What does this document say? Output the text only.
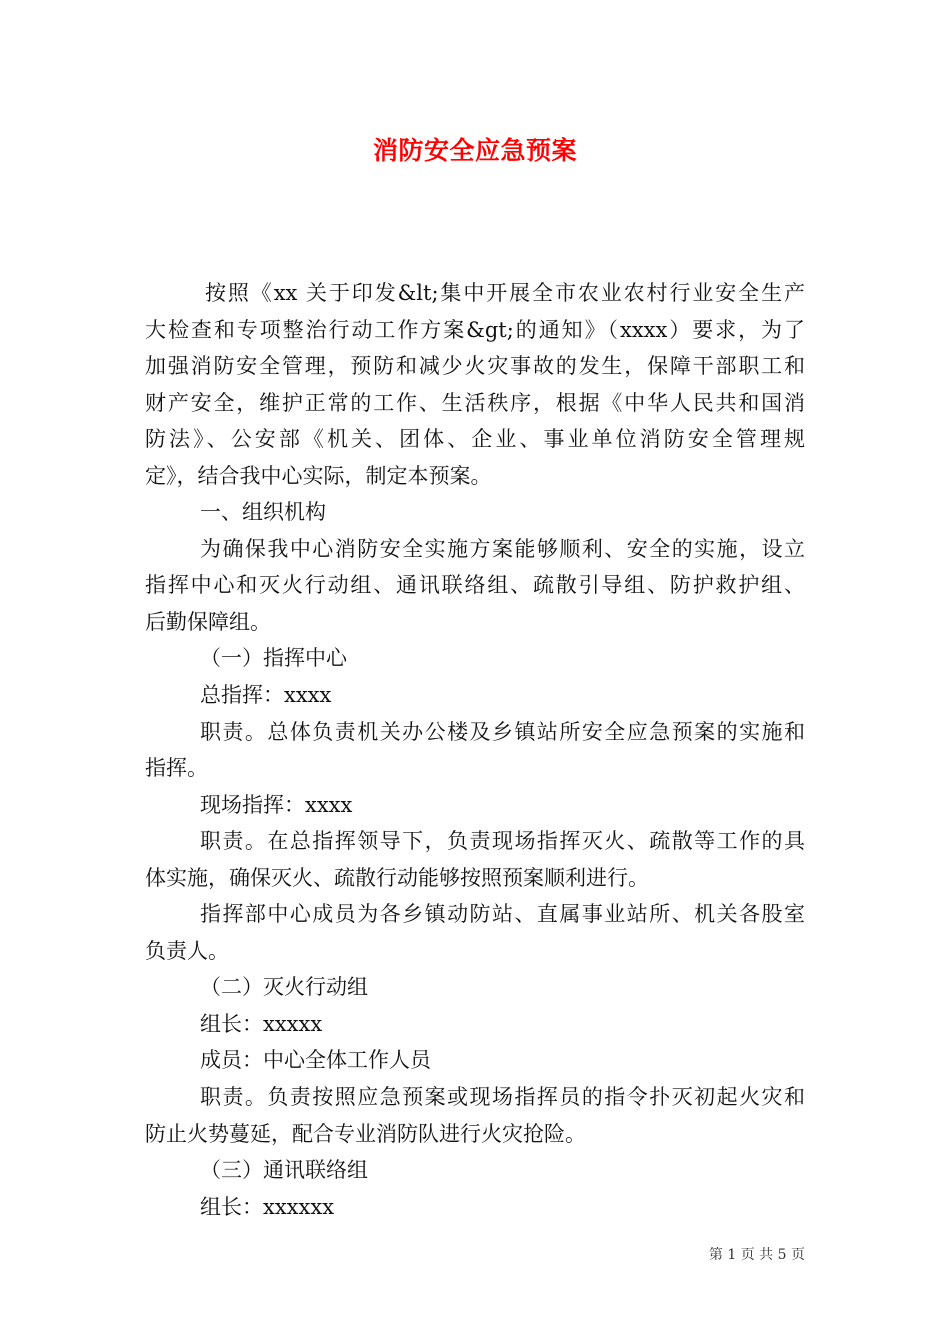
消防安全应急预案
按照《xx 关于印发&lt;集中开展全市农业农村行业安全生产
大检查和专项整治行动工作方案&gt;的通知》（xxxx）要求，为了
加强消防安全管理，预防和减少火灾事故的发生，保障干部职工和
财产安全，维护正常的工作、生活秩序，根据《中华人民共和国消
防法》、公安部《机关、团体、企业、事业单位消防安全管理规
定》，结合我中心实际，制定本预案。
一、组织机构
为确保我中心消防安全实施方案能够顺利、安全的实施，设立
指挥中心和灭火行动组、通讯联络组、疏散引导组、防护救护组、
后勤保障组。
（一）指挥中心
总指挥：xxxx
职责。总体负责机关办公楼及乡镇站所安全应急预案的实施和
指挥。
现场指挥：xxxx
职责。在总指挥领导下，负责现场指挥灭火、疏散等工作的具
体实施，确保灭火、疏散行动能够按照预案顺利进行。
指挥部中心成员为各乡镇动防站、直属事业站所、机关各股室
负责人。
（二）灭火行动组
组长：xxxxx
成员：中心全体工作人员
职责。负责按照应急预案或现场指挥员的指令扑灭初起火灾和
防止火势蔓延，配合专业消防队进行火灾抢险。
（三）通讯联络组
组长：xxxxxx
第 1 页 共 5 页
